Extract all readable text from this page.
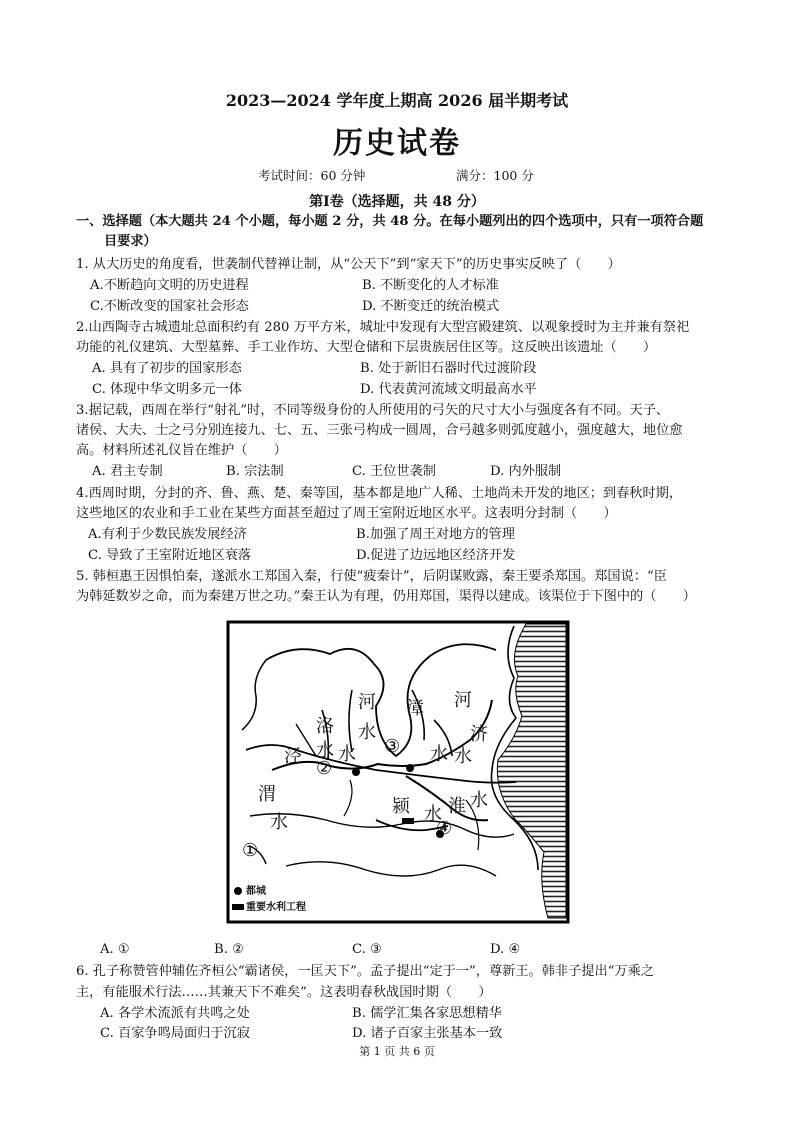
2023—2024 学年度上期高 2026 届半期考试
历史试卷
考试时间：60 分钟	满分：100 分
第Ⅰ卷（选择题，共 48 分）
一、选择题（本大题共 24 个小题，每小题 2 分，共 48 分。在每小题列出的四个选项中，只有一项符合题
目要求）
1. 从大历史的角度看，世袭制代替禅让制，从“公天下”到“家天下”的历史事实反映了（　　）
A.不断趋向文明的历史进程	B. 不断变化的人才标准
C.不断改变的国家社会形态	D. 不断变迁的统治模式
2.山西陶寺古城遗址总面积约有 280 万平方米，城址中发现有大型宫殿建筑、以观象授时为主并兼有祭祀
功能的礼仪建筑、大型墓葬、手工业作坊、大型仓储和下层贵族居住区等。这反映出该遗址（　　）
A. 具有了初步的国家形态	B. 处于新旧石器时代过渡阶段
C. 体现中华文明多元一体	D. 代表黄河流域文明最高水平
3.据记载，西周在举行“射礼”时，不同等级身份的人所使用的弓矢的尺寸大小与强度各有不同。天子、
诸侯、大夫、士之弓分别连接九、七、五、三张弓构成一圆周，合弓越多则弧度越小，强度越大，地位愈
高。材料所述礼仪旨在维护（　　）
A. 君主专制	B. 宗法制	C. 王位世袭制	D. 内外服制
4.西周时期，分封的齐、鲁、燕、楚、秦等国，基本都是地广人稀、土地尚未开发的地区；到春秋时期，
这些地区的农业和手工业在某些方面甚至超过了周王室附近地区水平。这表明分封制（　　）
A.有利于少数民族发展经济	B.加强了周王对地方的管理
C. 导致了王室附近地区衰落	D.促进了边远地区经济开发
5. 韩桓惠王因惧怕秦，遂派水工郑国入秦，行使“疲秦计”，后阴谋败露，秦王要杀郑国。郑国说：“臣
为韩延数岁之命，而为秦建万世之功。”秦王认为有理，仍用郑国，渠得以建成。该渠位于下图中的（　　）
洛
水
泾 水
渭
水
河
水
漳
水
河
济
水
颍 水 淮 水
①
②
③
④
都城
重要水利工程
A. ①	B. ②	C. ③	D. ④
6. 孔子称赞管仲辅佐齐桓公“霸诸侯，一匡天下”。孟子提出“定于一”，尊新王。韩非子提出“万乘之
主，有能服术行法……其兼天下不难矣”。这表明春秋战国时期（　　）
A. 各学术流派有共鸣之处	B. 儒学汇集各家思想精华
C. 百家争鸣局面归于沉寂	D. 诸子百家主张基本一致
第 1 页 共 6 页
